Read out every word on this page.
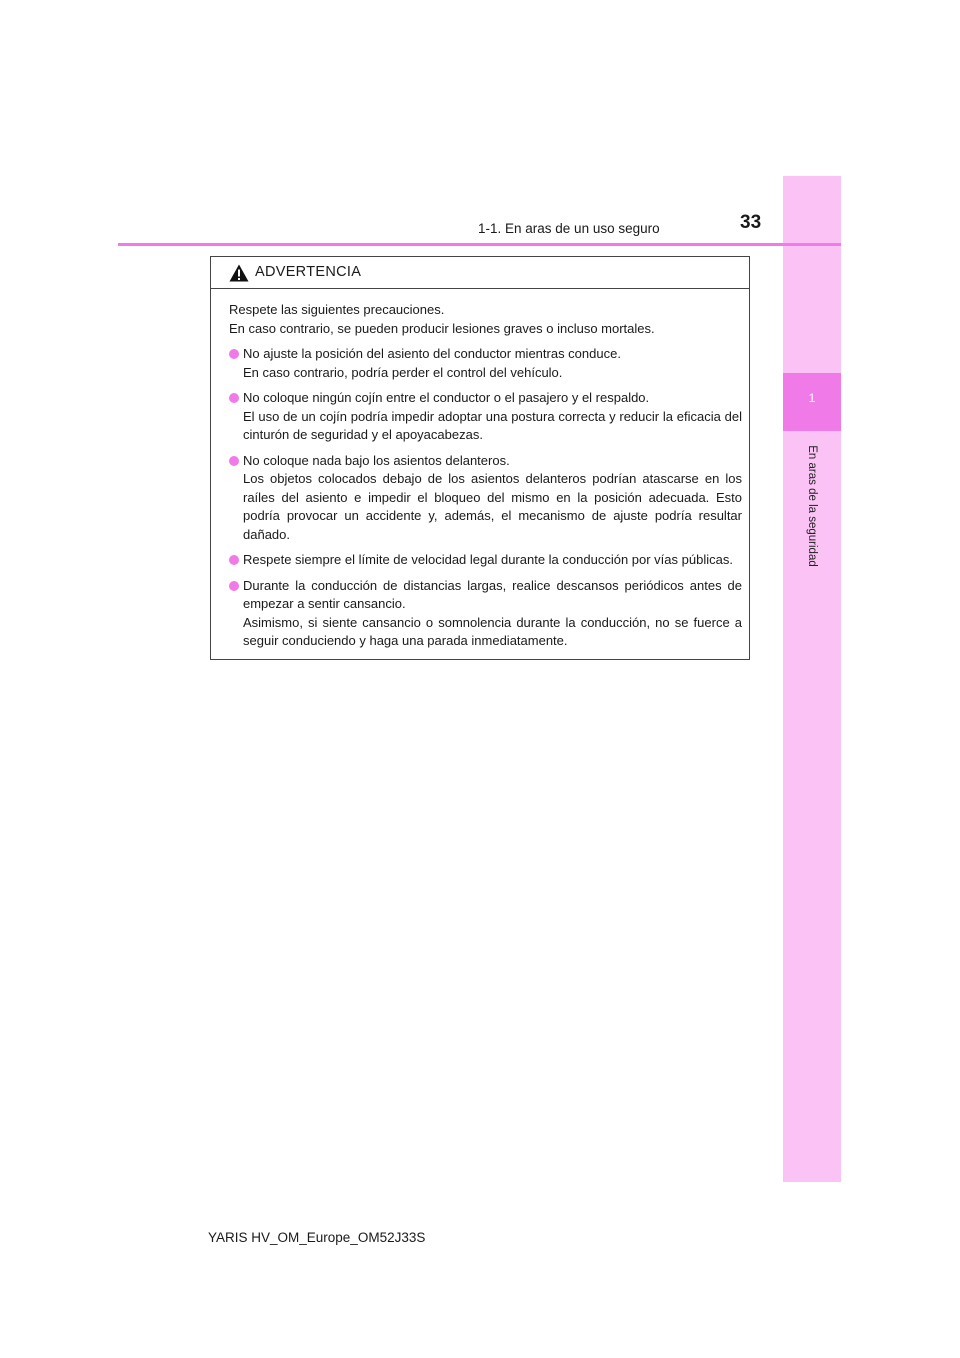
1
En aras de la seguridad
1-1. En aras de un uso seguro	33
ADVERTENCIA

Respete las siguientes precauciones.

En caso contrario, se pueden producir lesiones graves o incluso mortales.

No ajuste la posición del asiento del conductor mientras conduce.

En caso contrario, podría perder el control del vehículo.

No coloque ningún cojín entre el conductor o el pasajero y el respaldo.

El uso de un cojín podría impedir adoptar una postura correcta y reducir la eficacia del cinturón de seguridad y el apoyacabezas.

No coloque nada bajo los asientos delanteros.

Los objetos colocados debajo de los asientos delanteros podrían atascarse en los raíles del asiento e impedir el bloqueo del mismo en la posición adecuada. Esto podría provocar un accidente y, además, el mecanismo de ajuste podría resultar dañado.

Respete siempre el límite de velocidad legal durante la conducción por vías públicas.

Durante la conducción de distancias largas, realice descansos periódicos antes de empezar a sentir cansancio.

Asimismo, si siente cansancio o somnolencia durante la conducción, no se fuerce a seguir conduciendo y haga una parada inmediatamente.

YARIS HV_OM_Europe_OM52J33S
